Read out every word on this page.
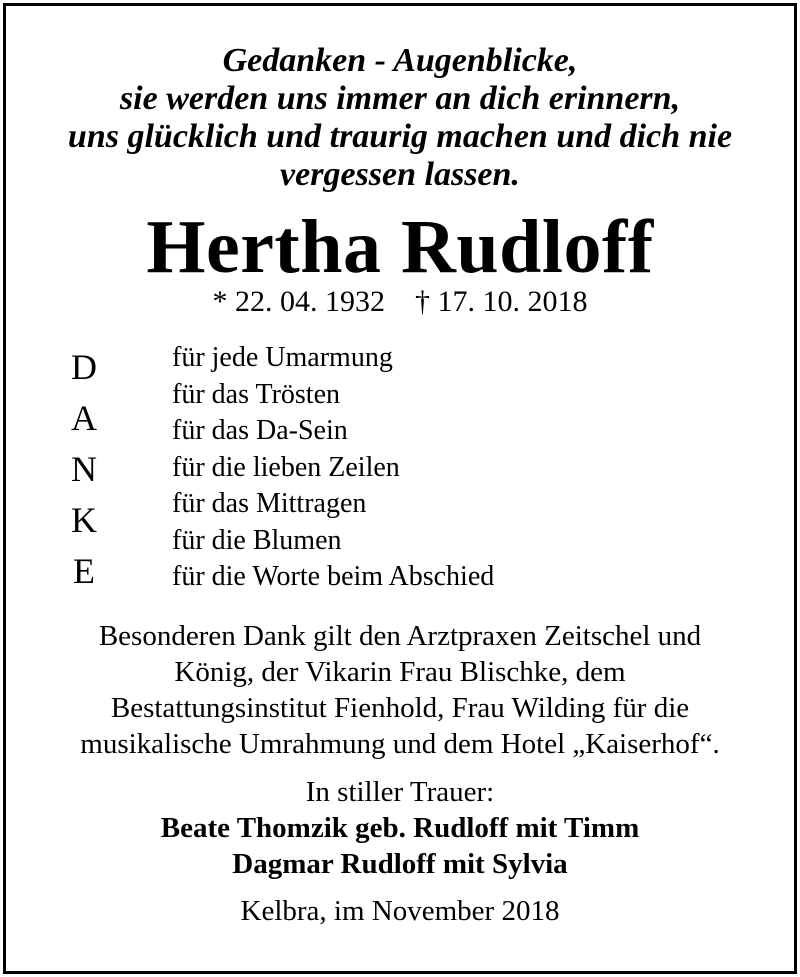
Gedanken - Augenblicke,
sie werden uns immer an dich erinnern,
uns glücklich und traurig machen und dich nie
vergessen lassen.
Hertha Rudloff
* 22. 04. 1932    † 17. 10. 2018
D
A
N
K
E
für jede Umarmung
für das Trösten
für das Da-Sein
für die lieben Zeilen
für das Mittragen
für die Blumen
für die Worte beim Abschied
Besonderen Dank gilt den Arztpraxen Zeitschel und
König, der Vikarin Frau Blischke, dem
Bestattungsinstitut Fienhold, Frau Wilding für die
musikalische Umrahmung und dem Hotel „Kaiserhof“.
In stiller Trauer:
Beate Thomzik geb. Rudloff mit Timm
Dagmar Rudloff mit Sylvia
Kelbra, im November 2018
